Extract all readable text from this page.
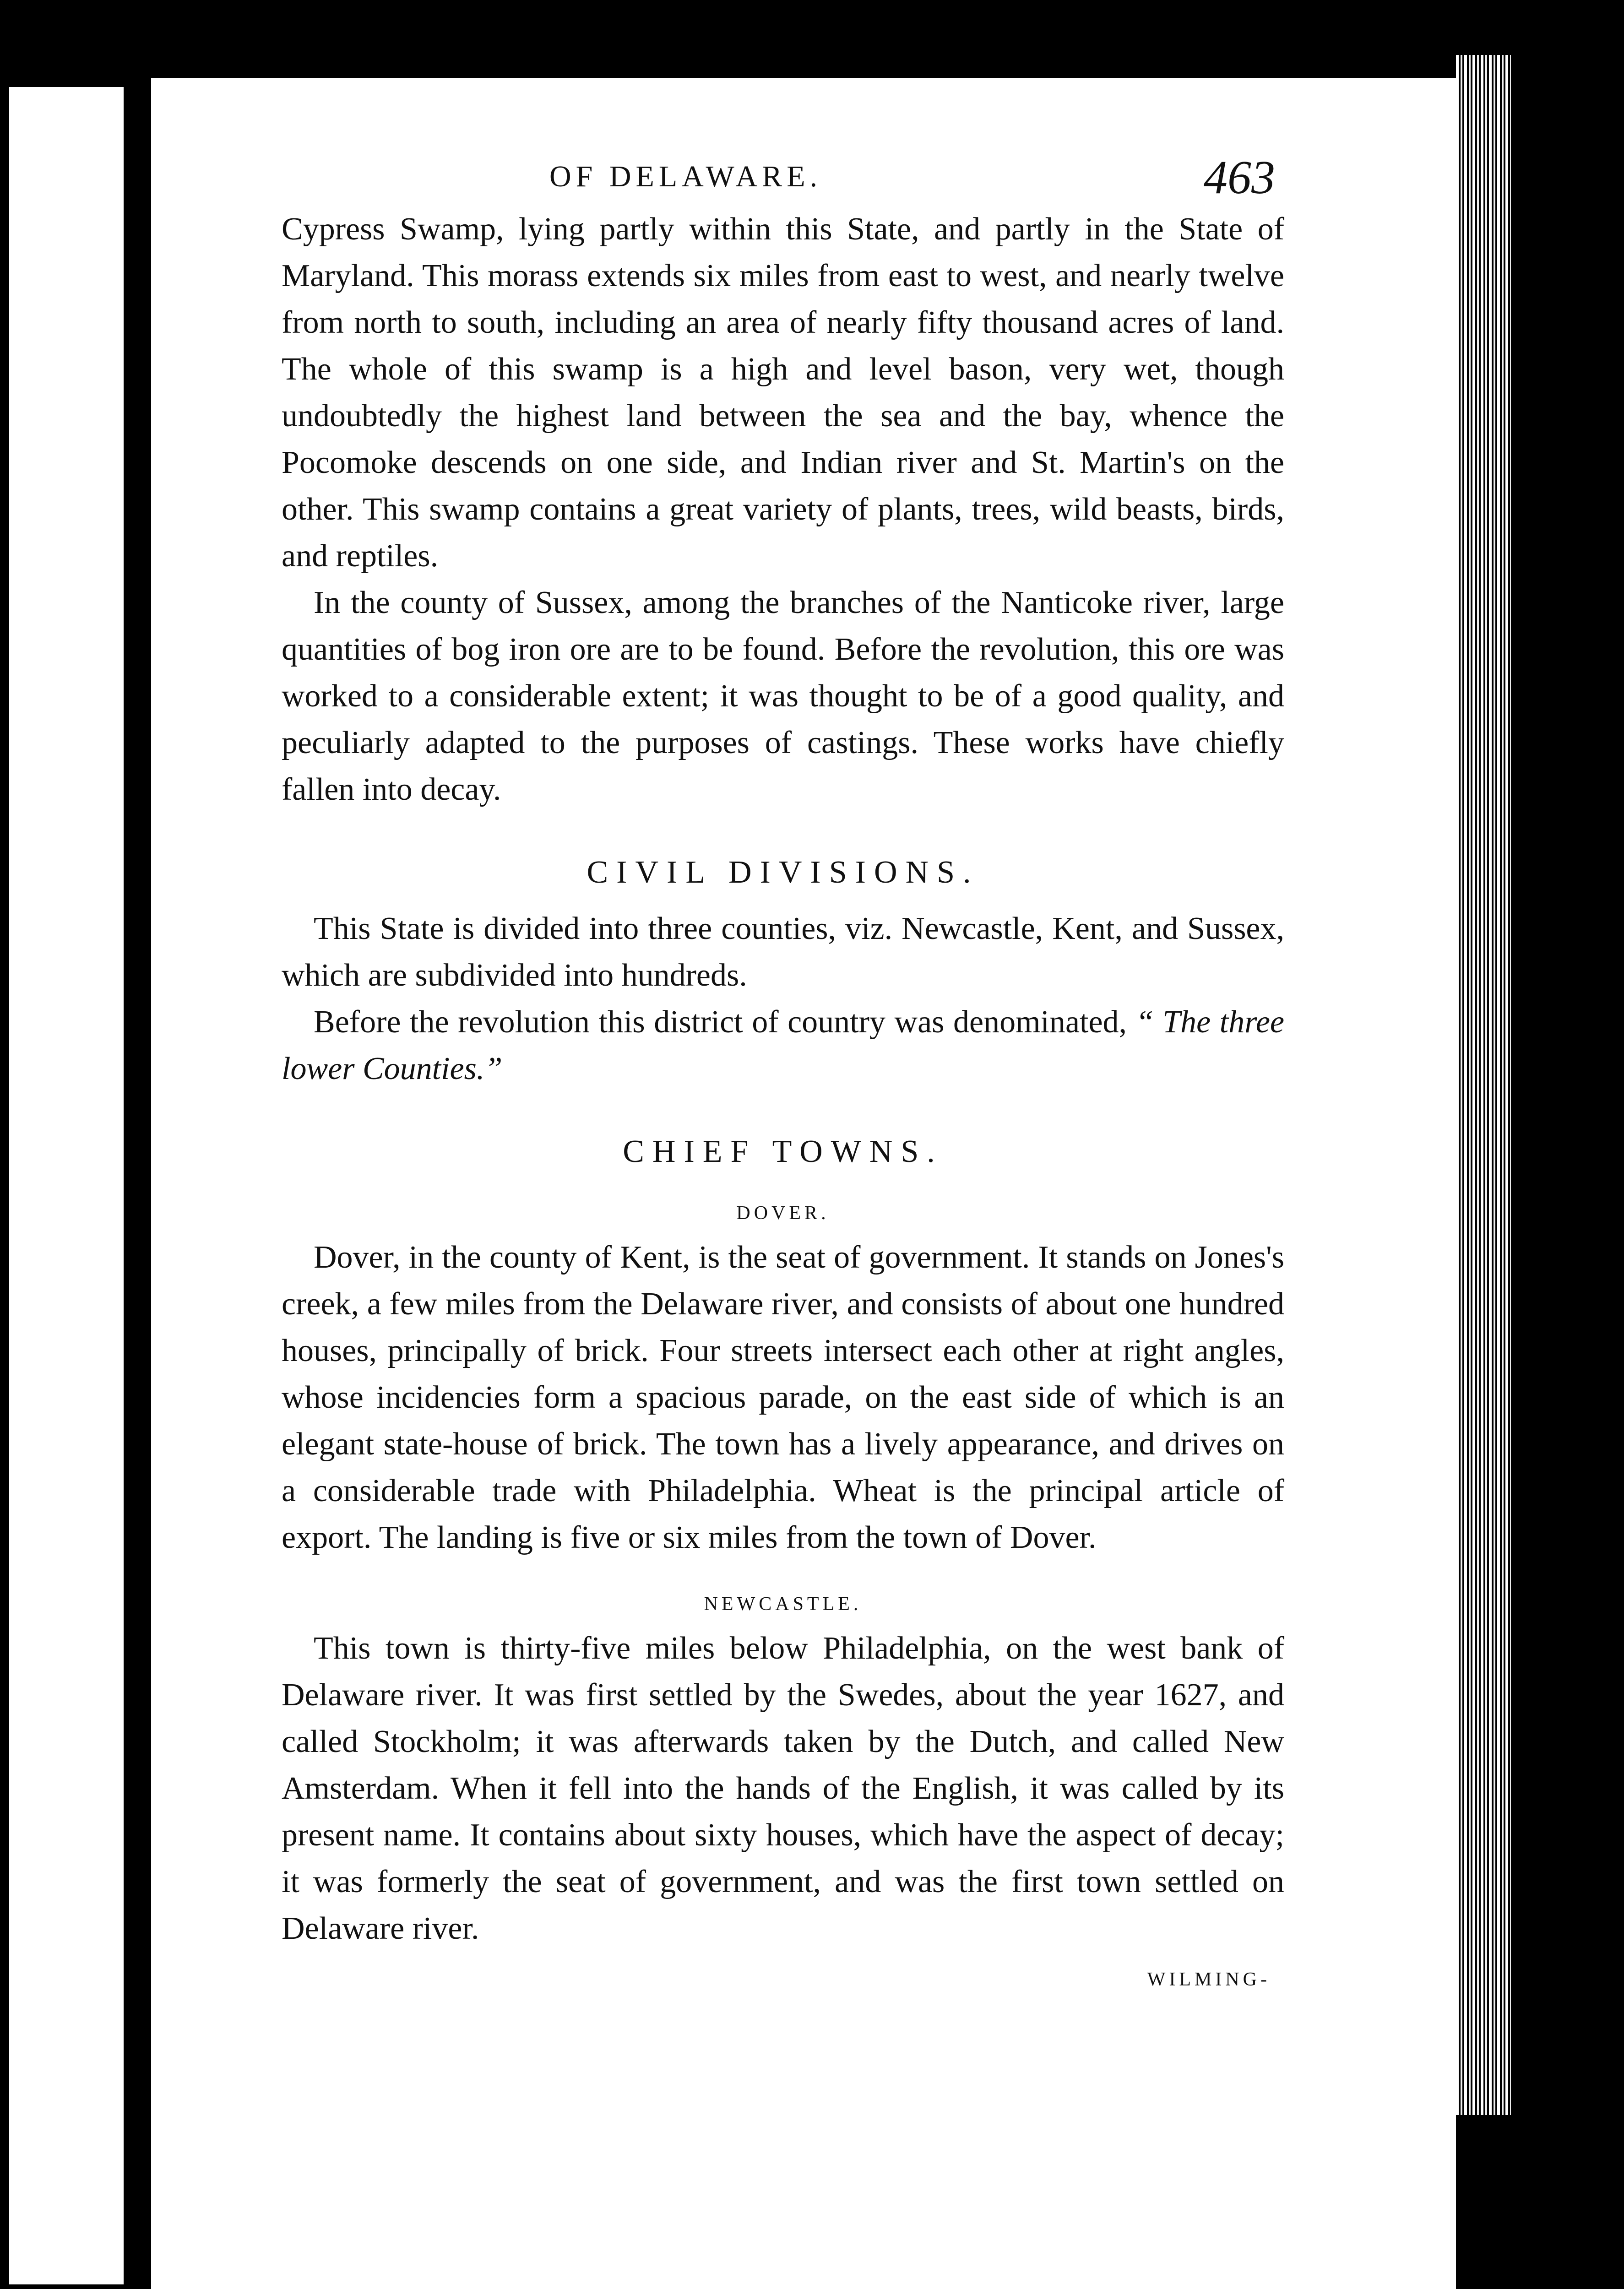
OF DELAWARE.	463

Cypress Swamp, lying partly within this State, and partly in the State of Maryland. This morass extends six miles from east to west, and nearly twelve from north to south, including an area of nearly fifty thousand acres of land. The whole of this swamp is a high and level bason, very wet, though undoubtedly the highest land between the sea and the bay, whence the Pocomoke descends on one side, and Indian river and St. Martin's on the other. This swamp contains a great variety of plants, trees, wild beasts, birds, and reptiles.

In the county of Sussex, among the branches of the Nanticoke river, large quantities of bog iron ore are to be found. Before the revolution, this ore was worked to a considerable extent; it was thought to be of a good quality, and peculiarly adapted to the purposes of castings. These works have chiefly fallen into decay.

CIVIL DIVISIONS.

This State is divided into three counties, viz. Newcastle, Kent, and Sussex, which are subdivided into hundreds.

Before the revolution this district of country was denominated, “ The three lower Counties.”

CHIEF TOWNS.
DOVER.

Dover, in the county of Kent, is the seat of government. It stands on Jones's creek, a few miles from the Delaware river, and consists of about one hundred houses, principally of brick. Four streets intersect each other at right angles, whose incidencies form a spacious parade, on the east side of which is an elegant state-house of brick. The town has a lively appearance, and drives on a considerable trade with Philadelphia. Wheat is the principal article of export. The landing is five or six miles from the town of Dover.

NEWCASTLE.

This town is thirty-five miles below Philadelphia, on the west bank of Delaware river. It was first settled by the Swedes, about the year 1627, and called Stockholm; it was afterwards taken by the Dutch, and called New Amsterdam. When it fell into the hands of the English, it was called by its present name. It contains about sixty houses, which have the aspect of decay; it was formerly the seat of government, and was the first town settled on Delaware river.

WILMING-
